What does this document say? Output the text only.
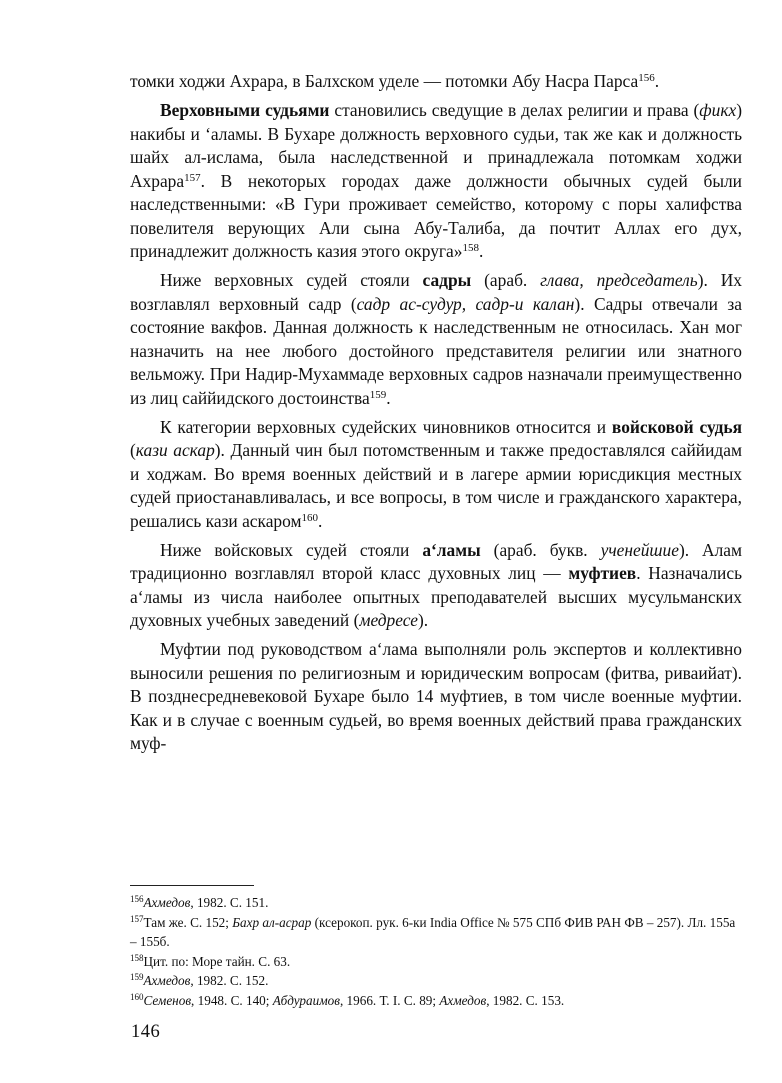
томки ходжи Ахрара, в Балхском уделе — потомки Абу Насра Парса$^{156}$.

Верховными судьями становились сведущие в делах религии и права (фикх) накибы и ‘аламы. В Бухаре должность верховного судьи, так же как и должность шайх ал-ислама, была наследственной и принадлежала потомкам ходжи Ахрара$^{157}$. В некоторых городах даже должности обычных судей были наследственными: «В Гури проживает семейство, которому с поры халифства повелителя верующих Али сына Абу-Талиба, да почтит Аллах его дух, принадлежит должность казия этого округа»$^{158}$.

Ниже верховных судей стояли садры (араб. глава, председатель). Их возглавлял верховный садр (садр ас-судур, садр-и калан). Садры отвечали за состояние вакфов. Данная должность к наследственным не относилась. Хан мог назначить на нее любого достойного представителя религии или знатного вельможу. При Надир-Мухаммаде верховных садров назначали преимущественно из лиц саййидского достоинства$^{159}$.

К категории верховных судейских чиновников относится и войсковой судья (кази аскар). Данный чин был потомственным и также предоставлялся саййидам и ходжам. Во время военных действий и в лагере армии юрисдикция местных судей приостанавливалась, и все вопросы, в том числе и гражданского характера, решались кази аскаром$^{160}$.

Ниже войсковых судей стояли а‘ламы (араб. букв. ученейшие). Алам традиционно возглавлял второй класс духовных лиц — муфтиев. Назначались а‘ламы из числа наиболее опытных преподавателей высших мусульманских духовных учебных заведений (медресе).

Муфтии под руководством а‘лама выполняли роль экспертов и коллективно выносили решения по религиозным и юридическим вопросам (фитва, риваийат). В позднесредневековой Бухаре было 14 муфтиев, в том числе военные муфтии. Как и в случае с военным судьей, во время военных действий права гражданских муф-

$^{156}$Ахмедов, 1982. С. 151.

$^{157}$Там же. С. 152; Бахр ал-асрар (ксерокоп. рук. 6-ки India Office № 575 СПб ФИВ РАН ФВ – 257). Лл. 155а – 155б.

$^{158}$Цит. по: Море тайн. С. 63.

$^{159}$Ахмедов, 1982. С. 152.

$^{160}$Семенов, 1948. С. 140; Абдураимов, 1966. Т. I. С. 89; Ахмедов, 1982. С. 153.

146
